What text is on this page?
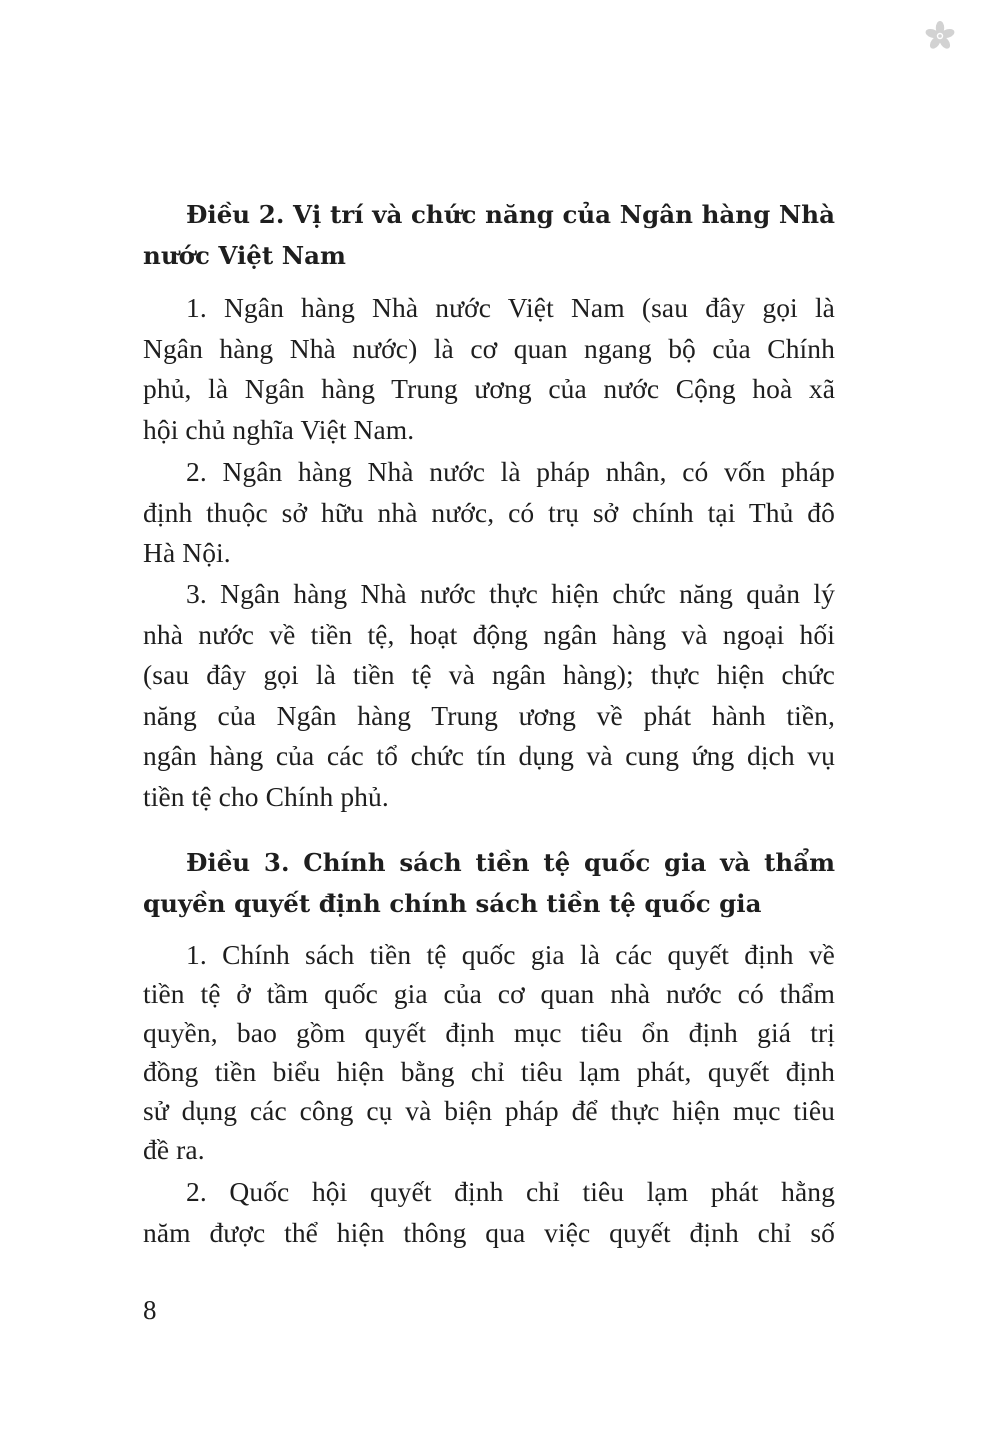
Điều 2. Vị trí và chức năng của Ngân hàng Nhà
nước Việt Nam
1. Ngân hàng Nhà nước Việt Nam (sau đây gọi là
Ngân hàng Nhà nước) là cơ quan ngang bộ của Chính
phủ, là Ngân hàng Trung ương của nước Cộng hoà xã
hội chủ nghĩa Việt Nam.
2. Ngân hàng Nhà nước là pháp nhân, có vốn pháp
định thuộc sở hữu nhà nước, có trụ sở chính tại Thủ đô
Hà Nội.
3. Ngân hàng Nhà nước thực hiện chức năng quản lý
nhà nước về tiền tệ, hoạt động ngân hàng và ngoại hối
(sau đây gọi là tiền tệ và ngân hàng); thực hiện chức
năng của Ngân hàng Trung ương về phát hành tiền,
ngân hàng của các tổ chức tín dụng và cung ứng dịch vụ
tiền tệ cho Chính phủ.
Điều 3. Chính sách tiền tệ quốc gia và thẩm
quyền quyết định chính sách tiền tệ quốc gia
1. Chính sách tiền tệ quốc gia là các quyết định về
tiền tệ ở tầm quốc gia của cơ quan nhà nước có thẩm
quyền, bao gồm quyết định mục tiêu ổn định giá trị
đồng tiền biểu hiện bằng chỉ tiêu lạm phát, quyết định
sử dụng các công cụ và biện pháp để thực hiện mục tiêu
đề ra.
2. Quốc hội quyết định chỉ tiêu lạm phát hằng
năm được thể hiện thông qua việc quyết định chỉ số
8
